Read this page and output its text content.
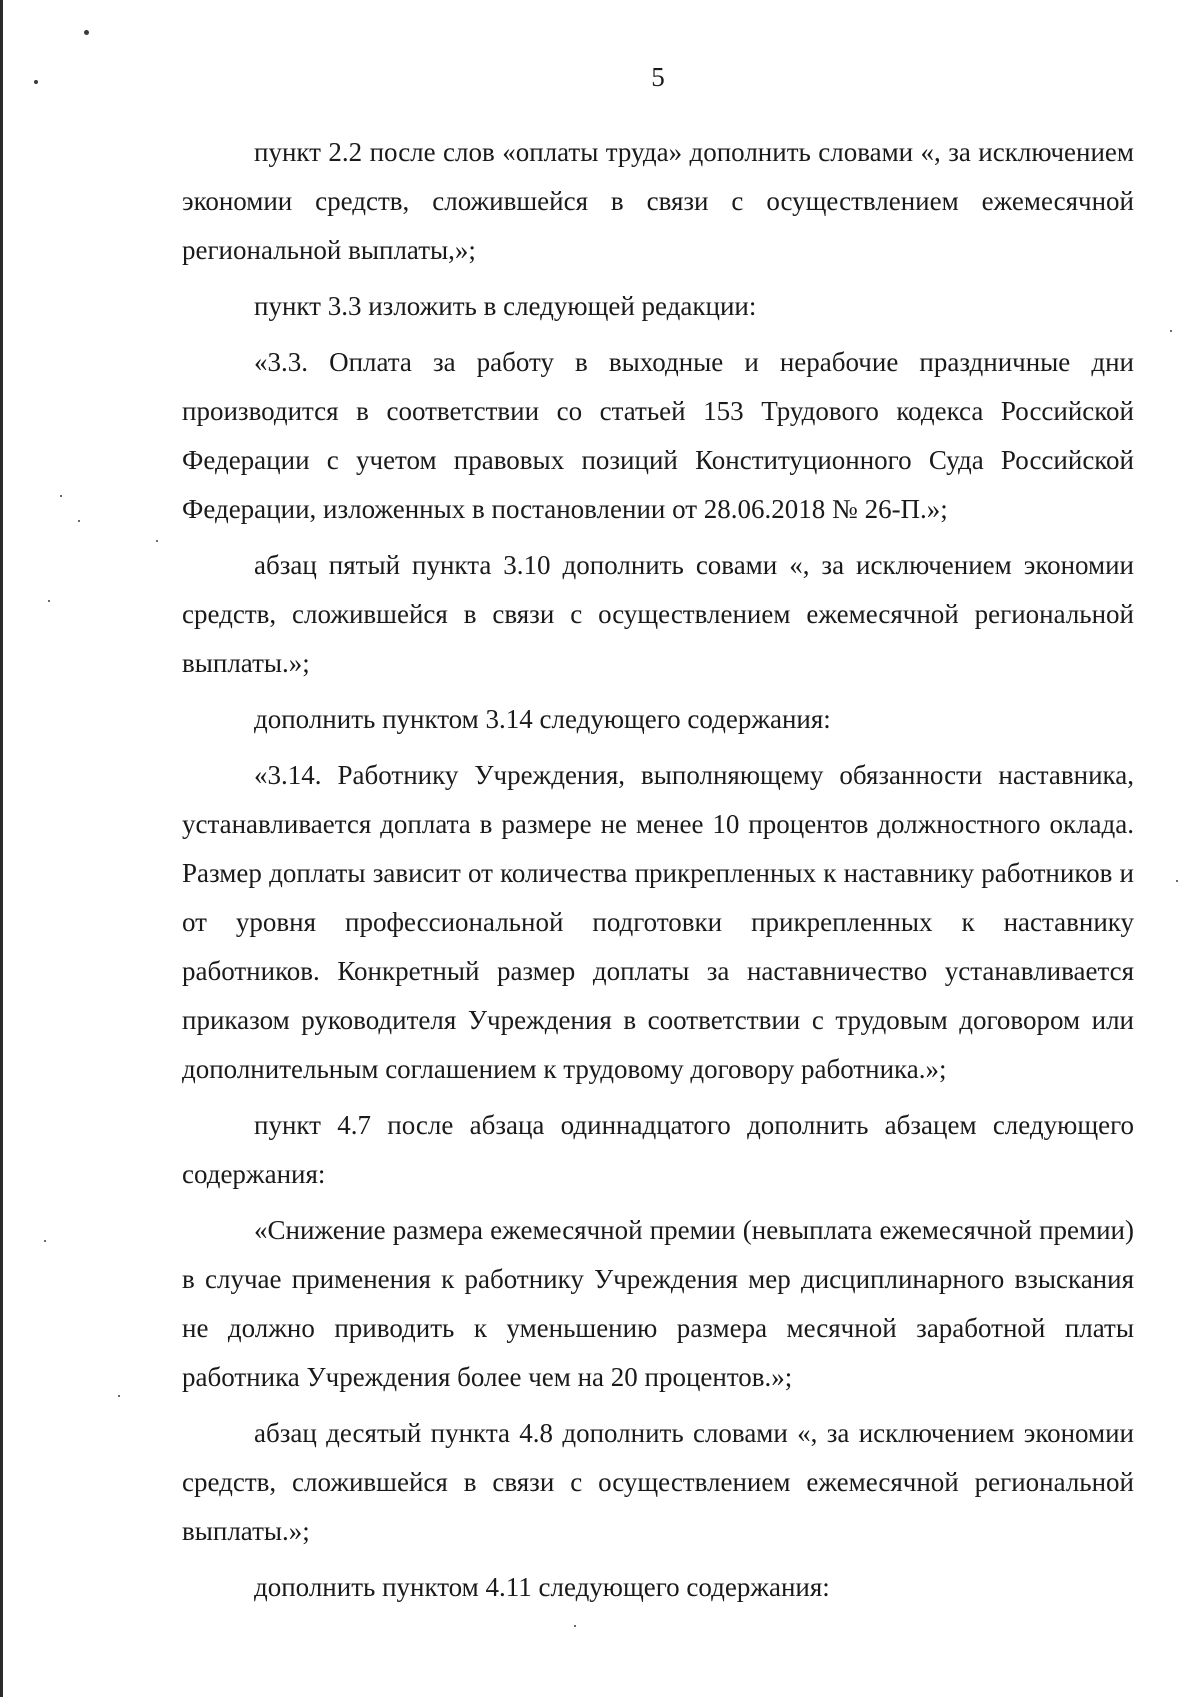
5

пункт 2.2 после слов «оплаты труда» дополнить словами «, за исключением экономии средств, сложившейся в связи с осуществлением ежемесячной региональной выплаты,»;

пункт 3.3 изложить в следующей редакции:

«3.3. Оплата за работу в выходные и нерабочие праздничные дни производится в соответствии со статьей 153 Трудового кодекса Российской Федерации с учетом правовых позиций Конституционного Суда Российской Федерации, изложенных в постановлении от 28.06.2018 № 26-П.»;

абзац пятый пункта 3.10 дополнить совами «, за исключением экономии средств, сложившейся в связи с осуществлением ежемесячной региональной выплаты.»;

дополнить пунктом 3.14 следующего содержания:

«3.14. Работнику Учреждения, выполняющему обязанности наставника, устанавливается доплата в размере не менее 10 процентов должностного оклада. Размер доплаты зависит от количества прикрепленных к наставнику работников и от уровня профессиональной подготовки прикрепленных к наставнику работников. Конкретный размер доплаты за наставничество устанавливается приказом руководителя Учреждения в соответствии с трудовым договором или дополнительным соглашением к трудовому договору работника.»;

пункт 4.7 после абзаца одиннадцатого дополнить абзацем следующего содержания:

«Снижение размера ежемесячной премии (невыплата ежемесячной премии) в случае применения к работнику Учреждения мер дисциплинарного взыскания не должно приводить к уменьшению размера месячной заработной платы работника Учреждения более чем на 20 процентов.»;

абзац десятый пункта 4.8 дополнить словами «, за исключением экономии средств, сложившейся в связи с осуществлением ежемесячной региональной выплаты.»;

дополнить пунктом 4.11 следующего содержания:
